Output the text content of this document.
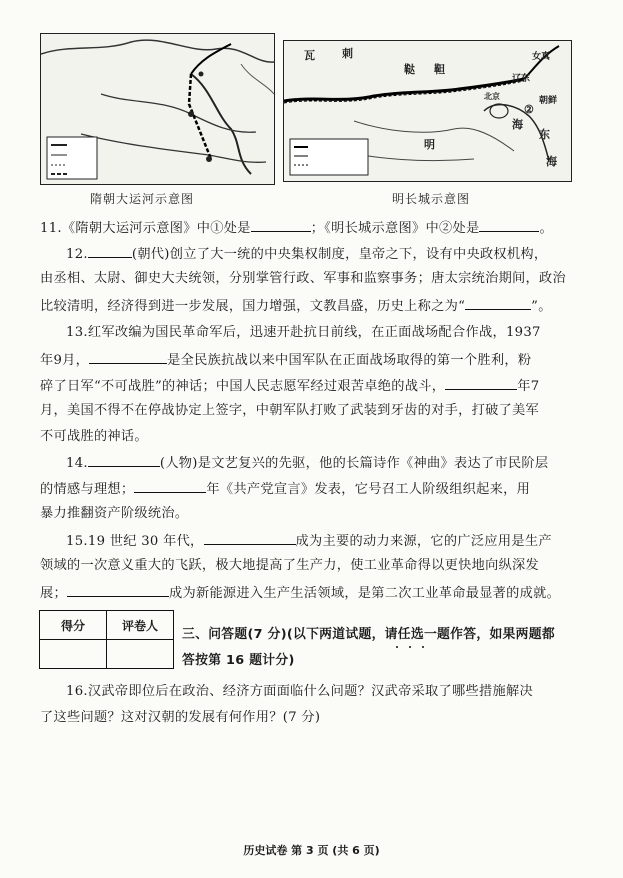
隋朝大运河示意图
瓦 刺
鞑 靼
明
女真
朝鲜
辽东
东
②
北京
海
海
明长城示意图
11.《隋朝大运河示意图》中①处是	；《明长城示意图》中②处是	。
12.	(朝代)创立了大一统的中央集权制度，皇帝之下，设有中央政权机构，
由丞相、太尉、御史大夫统领，分别掌管行政、军事和监察事务；唐太宗统治期间，政治
比较清明，经济得到进一步发展，国力增强，文教昌盛，历史上称之为“	”。
13.红军改编为国民革命军后，迅速开赴抗日前线，在正面战场配合作战，1937
年9月，	是全民族抗战以来中国军队在正面战场取得的第一个胜利，粉
碎了日军“不可战胜”的神话；中国人民志愿军经过艰苦卓绝的战斗，	年7
月，美国不得不在停战协定上签字，中朝军队打败了武装到牙齿的对手，打破了美军
不可战胜的神话。
14.	(人物)是文艺复兴的先驱，他的长篇诗作《神曲》表达了市民阶层
的情感与理想；	年《共产党宣言》发表，它号召工人阶级组织起来，用
暴力推翻资产阶级统治。
15.19 世纪 30 年代，	成为主要的动力来源，它的广泛应用是生产
领域的一次意义重大的飞跃，极大地提高了生产力，使工业革命得以更快地向纵深发
展；	成为新能源进入生产生活领域，是第二次工业革命最显著的成就。
得分	评卷人

三、问答题(7 分)(以下两道试题，请任选一题作答，如果两题都
答按第 16 题计分)
16.汉武帝即位后在政治、经济方面面临什么问题？汉武帝采取了哪些措施解决
了这些问题？这对汉朝的发展有何作用？(7 分)
历史试卷 第 3 页 (共 6 页)
